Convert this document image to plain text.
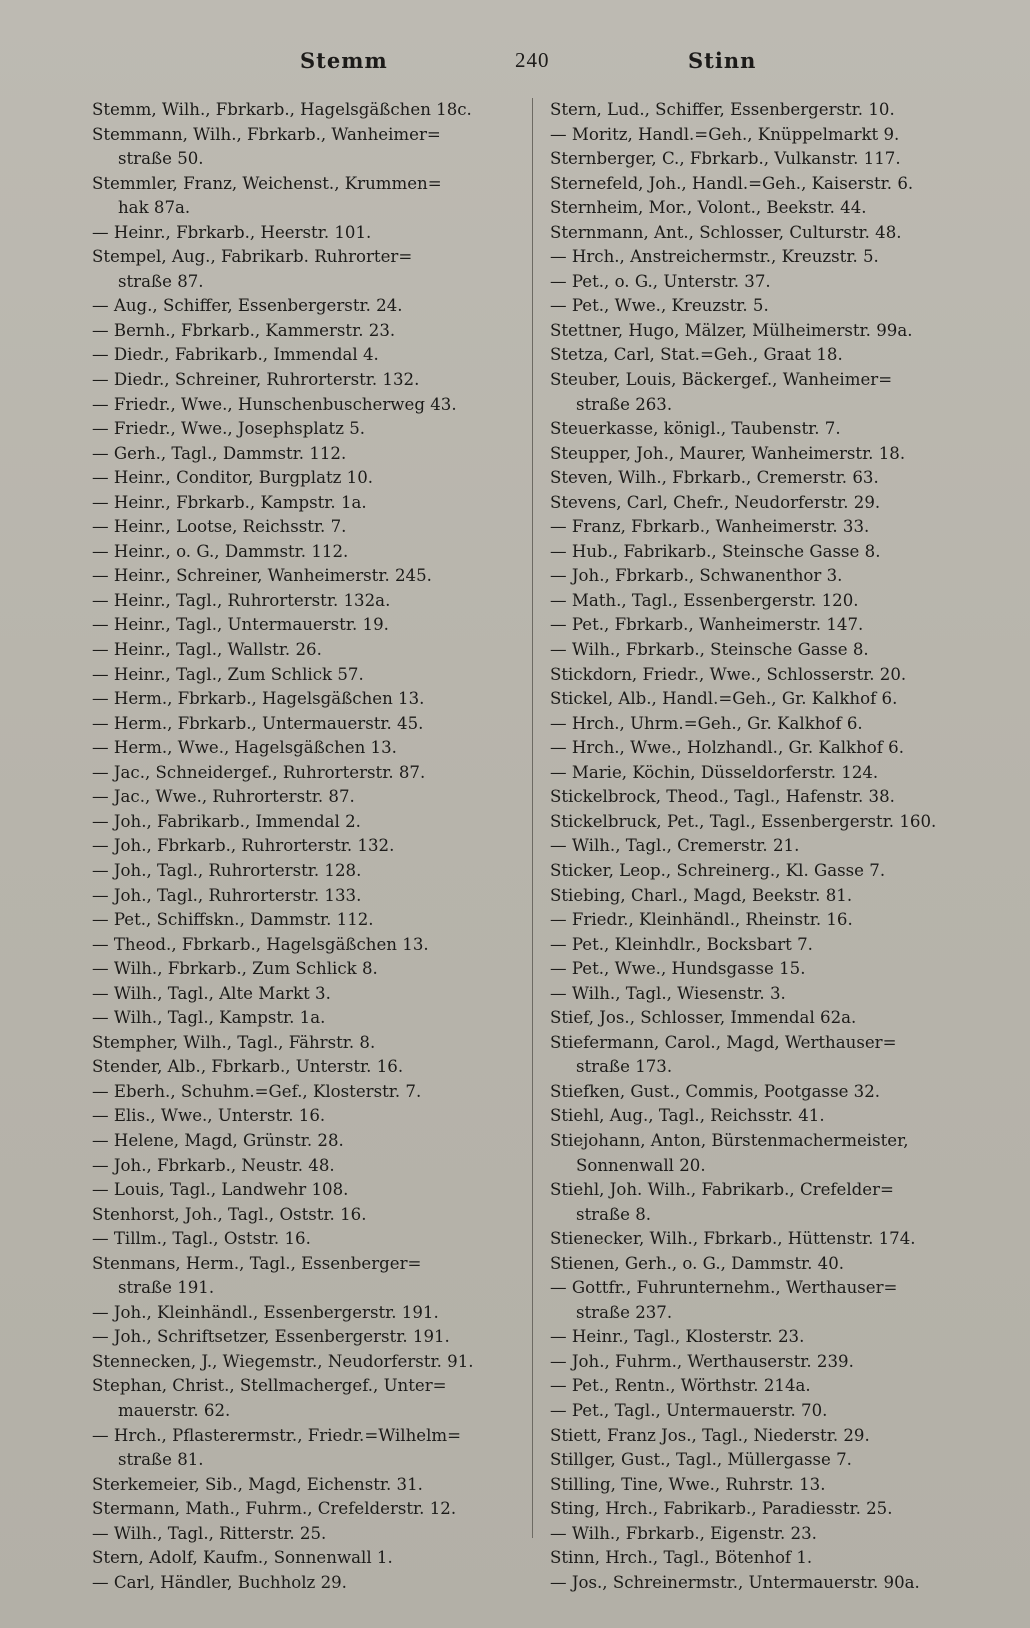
Stemm	240	Stinn
Stemm, Wilh., Fbrkarb., Hagelsgäßchen 18c.
Stemmann, Wilh., Fbrkarb., Wanheimer=
straße 50.
Stemmler, Franz, Weichenst., Krummen=
hak 87a.
— Heinr., Fbrkarb., Heerstr. 101.
Stempel, Aug., Fabrikarb. Ruhrorter=
straße 87.
— Aug., Schiffer, Essenbergerstr. 24.
— Bernh., Fbrkarb., Kammerstr. 23.
— Diedr., Fabrikarb., Immendal 4.
— Diedr., Schreiner, Ruhrorterstr. 132.
— Friedr., Wwe., Hunschenbuscherweg 43.
— Friedr., Wwe., Josephsplatz 5.
— Gerh., Tagl., Dammstr. 112.
— Heinr., Conditor, Burgplatz 10.
— Heinr., Fbrkarb., Kampstr. 1a.
— Heinr., Lootse, Reichsstr. 7.
— Heinr., o. G., Dammstr. 112.
— Heinr., Schreiner, Wanheimerstr. 245.
— Heinr., Tagl., Ruhrorterstr. 132a.
— Heinr., Tagl., Untermauerstr. 19.
— Heinr., Tagl., Wallstr. 26.
— Heinr., Tagl., Zum Schlick 57.
— Herm., Fbrkarb., Hagelsgäßchen 13.
— Herm., Fbrkarb., Untermauerstr. 45.
— Herm., Wwe., Hagelsgäßchen 13.
— Jac., Schneidergef., Ruhrorterstr. 87.
— Jac., Wwe., Ruhrorterstr. 87.
— Joh., Fabrikarb., Immendal 2.
— Joh., Fbrkarb., Ruhrorterstr. 132.
— Joh., Tagl., Ruhrorterstr. 128.
— Joh., Tagl., Ruhrorterstr. 133.
— Pet., Schiffskn., Dammstr. 112.
— Theod., Fbrkarb., Hagelsgäßchen 13.
— Wilh., Fbrkarb., Zum Schlick 8.
— Wilh., Tagl., Alte Markt 3.
— Wilh., Tagl., Kampstr. 1a.
Stempher, Wilh., Tagl., Fährstr. 8.
Stender, Alb., Fbrkarb., Unterstr. 16.
— Eberh., Schuhm.=Gef., Klosterstr. 7.
— Elis., Wwe., Unterstr. 16.
— Helene, Magd, Grünstr. 28.
— Joh., Fbrkarb., Neustr. 48.
— Louis, Tagl., Landwehr 108.
Stenhorst, Joh., Tagl., Oststr. 16.
— Tillm., Tagl., Oststr. 16.
Stenmans, Herm., Tagl., Essenberger=
straße 191.
— Joh., Kleinhändl., Essenbergerstr. 191.
— Joh., Schriftsetzer, Essenbergerstr. 191.
Stennecken, J., Wiegemstr., Neudorferstr. 91.
Stephan, Christ., Stellmachergef., Unter=
mauerstr. 62.
— Hrch., Pflasterermstr., Friedr.=Wilhelm=
straße 81.
Sterkemeier, Sib., Magd, Eichenstr. 31.
Stermann, Math., Fuhrm., Crefelderstr. 12.
— Wilh., Tagl., Ritterstr. 25.
Stern, Adolf, Kaufm., Sonnenwall 1.
— Carl, Händler, Buchholz 29.
Stern, Lud., Schiffer, Essenbergerstr. 10.
— Moritz, Handl.=Geh., Knüppelmarkt 9.
Sternberger, C., Fbrkarb., Vulkanstr. 117.
Sternefeld, Joh., Handl.=Geh., Kaiserstr. 6.
Sternheim, Mor., Volont., Beekstr. 44.
Sternmann, Ant., Schlosser, Culturstr. 48.
— Hrch., Anstreichermstr., Kreuzstr. 5.
— Pet., o. G., Unterstr. 37.
— Pet., Wwe., Kreuzstr. 5.
Stettner, Hugo, Mälzer, Mülheimerstr. 99a.
Stetza, Carl, Stat.=Geh., Graat 18.
Steuber, Louis, Bäckergef., Wanheimer=
straße 263.
Steuerkasse, königl., Taubenstr. 7.
Steupper, Joh., Maurer, Wanheimerstr. 18.
Steven, Wilh., Fbrkarb., Cremerstr. 63.
Stevens, Carl, Chefr., Neudorferstr. 29.
— Franz, Fbrkarb., Wanheimerstr. 33.
— Hub., Fabrikarb., Steinsche Gasse 8.
— Joh., Fbrkarb., Schwanenthor 3.
— Math., Tagl., Essenbergerstr. 120.
— Pet., Fbrkarb., Wanheimerstr. 147.
— Wilh., Fbrkarb., Steinsche Gasse 8.
Stickdorn, Friedr., Wwe., Schlosserstr. 20.
Stickel, Alb., Handl.=Geh., Gr. Kalkhof 6.
— Hrch., Uhrm.=Geh., Gr. Kalkhof 6.
— Hrch., Wwe., Holzhandl., Gr. Kalkhof 6.
— Marie, Köchin, Düsseldorferstr. 124.
Stickelbrock, Theod., Tagl., Hafenstr. 38.
Stickelbruck, Pet., Tagl., Essenbergerstr. 160.
— Wilh., Tagl., Cremerstr. 21.
Sticker, Leop., Schreinerg., Kl. Gasse 7.
Stiebing, Charl., Magd, Beekstr. 81.
— Friedr., Kleinhändl., Rheinstr. 16.
— Pet., Kleinhdlr., Bocksbart 7.
— Pet., Wwe., Hundsgasse 15.
— Wilh., Tagl., Wiesenstr. 3.
Stief, Jos., Schlosser, Immendal 62a.
Stiefermann, Carol., Magd, Werthauser=
straße 173.
Stiefken, Gust., Commis, Pootgasse 32.
Stiehl, Aug., Tagl., Reichsstr. 41.
Stiejohann, Anton, Bürstenmachermeister,
Sonnenwall 20.
Stiehl, Joh. Wilh., Fabrikarb., Crefelder=
straße 8.
Stienecker, Wilh., Fbrkarb., Hüttenstr. 174.
Stienen, Gerh., o. G., Dammstr. 40.
— Gottfr., Fuhrunternehm., Werthauser=
straße 237.
— Heinr., Tagl., Klosterstr. 23.
— Joh., Fuhrm., Werthauserstr. 239.
— Pet., Rentn., Wörthstr. 214a.
— Pet., Tagl., Untermauerstr. 70.
Stiett, Franz Jos., Tagl., Niederstr. 29.
Stillger, Gust., Tagl., Müllergasse 7.
Stilling, Tine, Wwe., Ruhrstr. 13.
Sting, Hrch., Fabrikarb., Paradiesstr. 25.
— Wilh., Fbrkarb., Eigenstr. 23.
Stinn, Hrch., Tagl., Bötenhof 1.
— Jos., Schreinermstr., Untermauerstr. 90a.
